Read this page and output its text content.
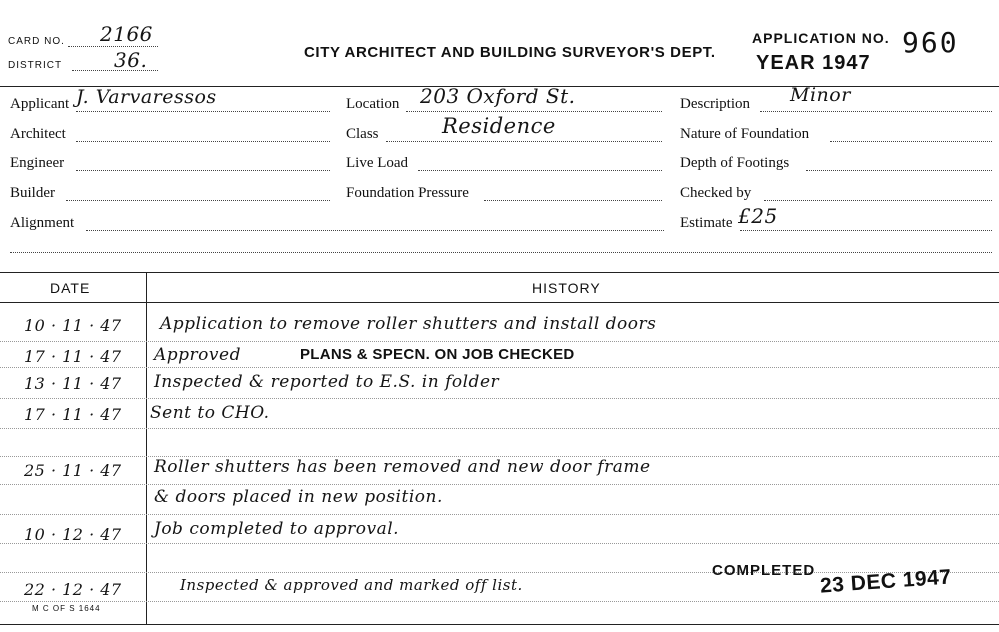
CARD NO. 2166
DISTRICT	36.	CITY ARCHITECT AND BUILDING SURVEYOR'S DEPT.
APPLICATION NO. 960
YEAR 1947
Applicant J. Varvaressos
Architect
Engineer
Builder
Alignment
Location 203 Oxford St.
Class	Residence
Live Load
Foundation Pressure
Description Minor
Nature of Foundation
Depth of Footings
Checked by
Estimate £25
DATE	HISTORY
10 · 11 · 47 Application to remove roller shutters and install doors
17 · 11 · 47 Approved	PLANS & SPECN. ON JOB CHECKED
13 · 11 · 47 Inspected & reported to E.S. in folder
17 · 11 · 47 Sent to CHO.
25 · 11 · 47 Roller shutters has been removed and new door frame
& doors placed in new position.
10 · 12 · 47 Job completed to approval.
22 · 12 · 47	Inspected & approved and marked off list.
COMPLETED 23 DEC 1947
M C OF S 1644
